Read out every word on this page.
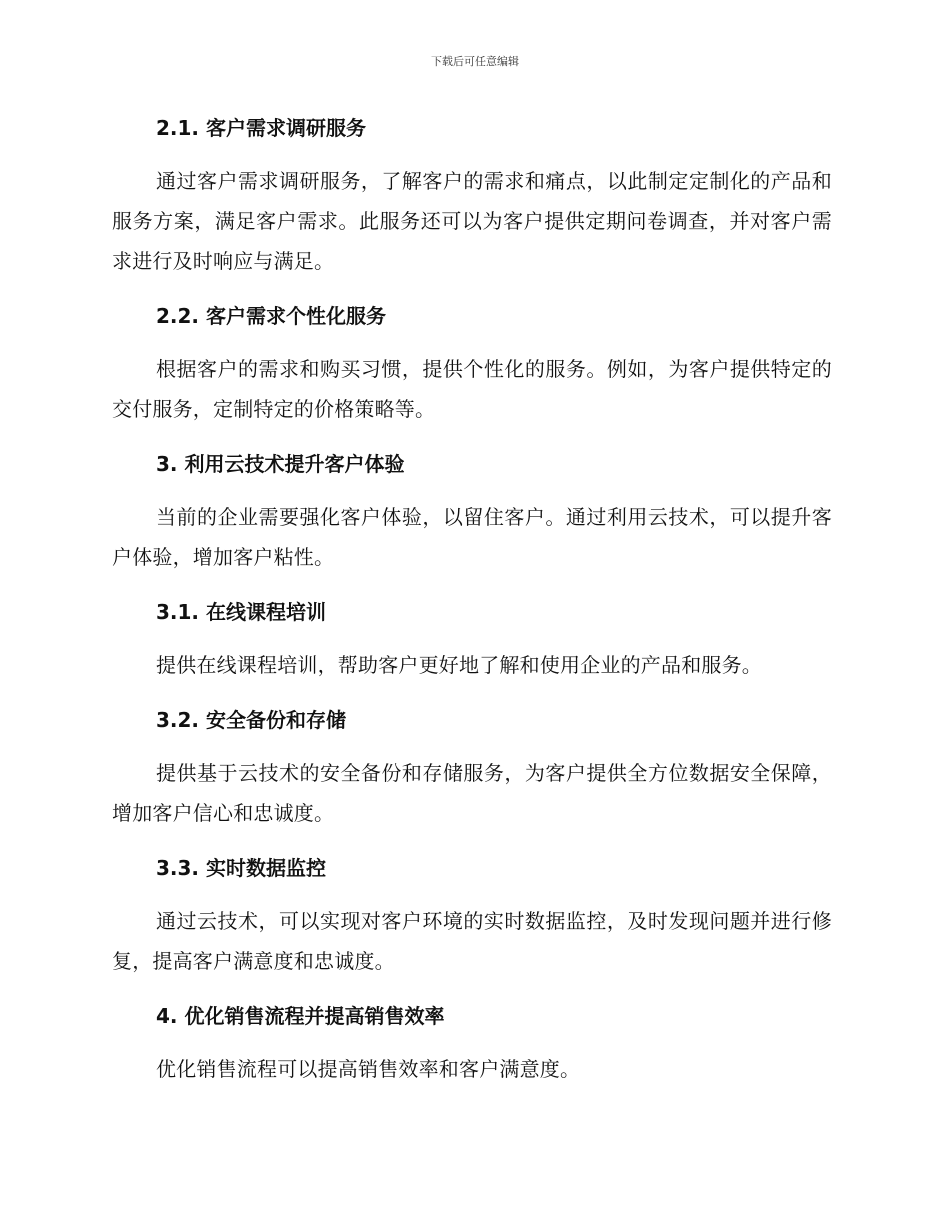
下载后可任意编辑
2.1. 客户需求调研服务

通过客户需求调研服务，了解客户的需求和痛点，以此制定定制化的产品和服务方案，满足客户需求。此服务还可以为客户提供定期问卷调查，并对客户需求进行及时响应与满足。

2.2. 客户需求个性化服务

根据客户的需求和购买习惯，提供个性化的服务。例如，为客户提供特定的交付服务，定制特定的价格策略等。

3. 利用云技术提升客户体验

当前的企业需要强化客户体验，以留住客户。通过利用云技术，可以提升客户体验，增加客户粘性。

3.1. 在线课程培训

提供在线课程培训，帮助客户更好地了解和使用企业的产品和服务。

3.2. 安全备份和存储

提供基于云技术的安全备份和存储服务，为客户提供全方位数据安全保障，增加客户信心和忠诚度。

3.3. 实时数据监控

通过云技术，可以实现对客户环境的实时数据监控，及时发现问题并进行修复，提高客户满意度和忠诚度。

4. 优化销售流程并提高销售效率

优化销售流程可以提高销售效率和客户满意度。
